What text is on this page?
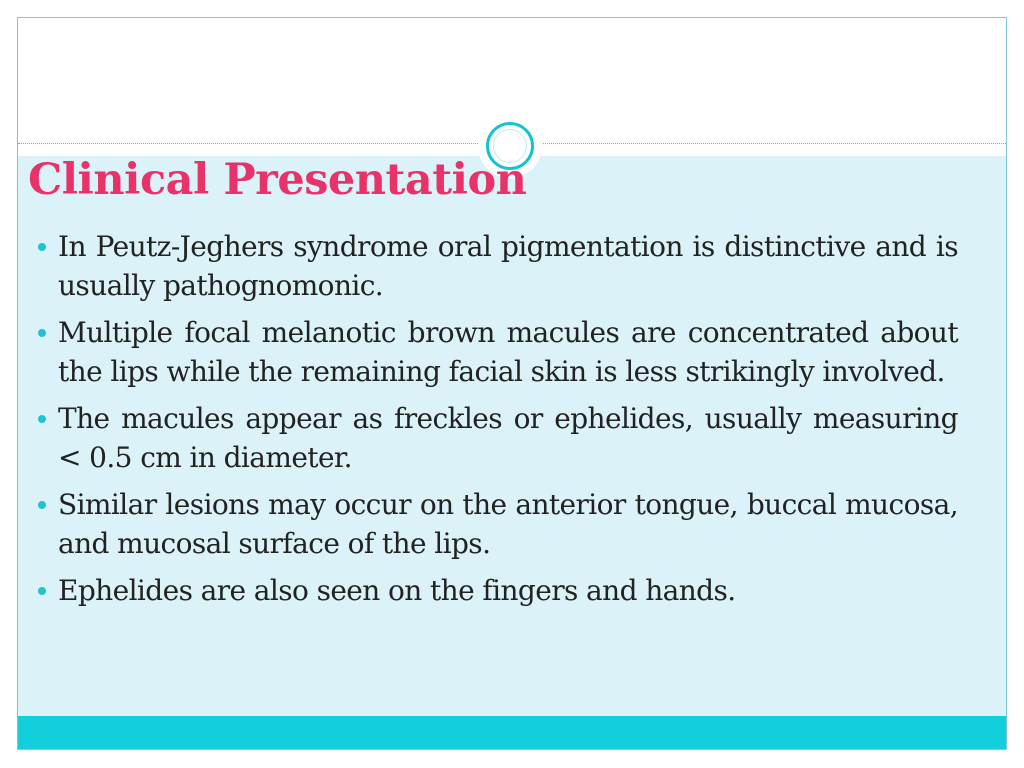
Clinical Presentation
In Peutz-Jeghers syndrome oral pigmentation is distinctive and is usually pathognomonic.
Multiple focal melanotic brown macules are concentrated about the lips while the remaining facial skin is less strikingly involved.
The macules appear as freckles or ephelides, usually measuring < 0.5 cm in diameter.
Similar lesions may occur on the anterior tongue, buccal mucosa, and mucosal surface of the lips.
Ephelides are also seen on the fingers and hands.
